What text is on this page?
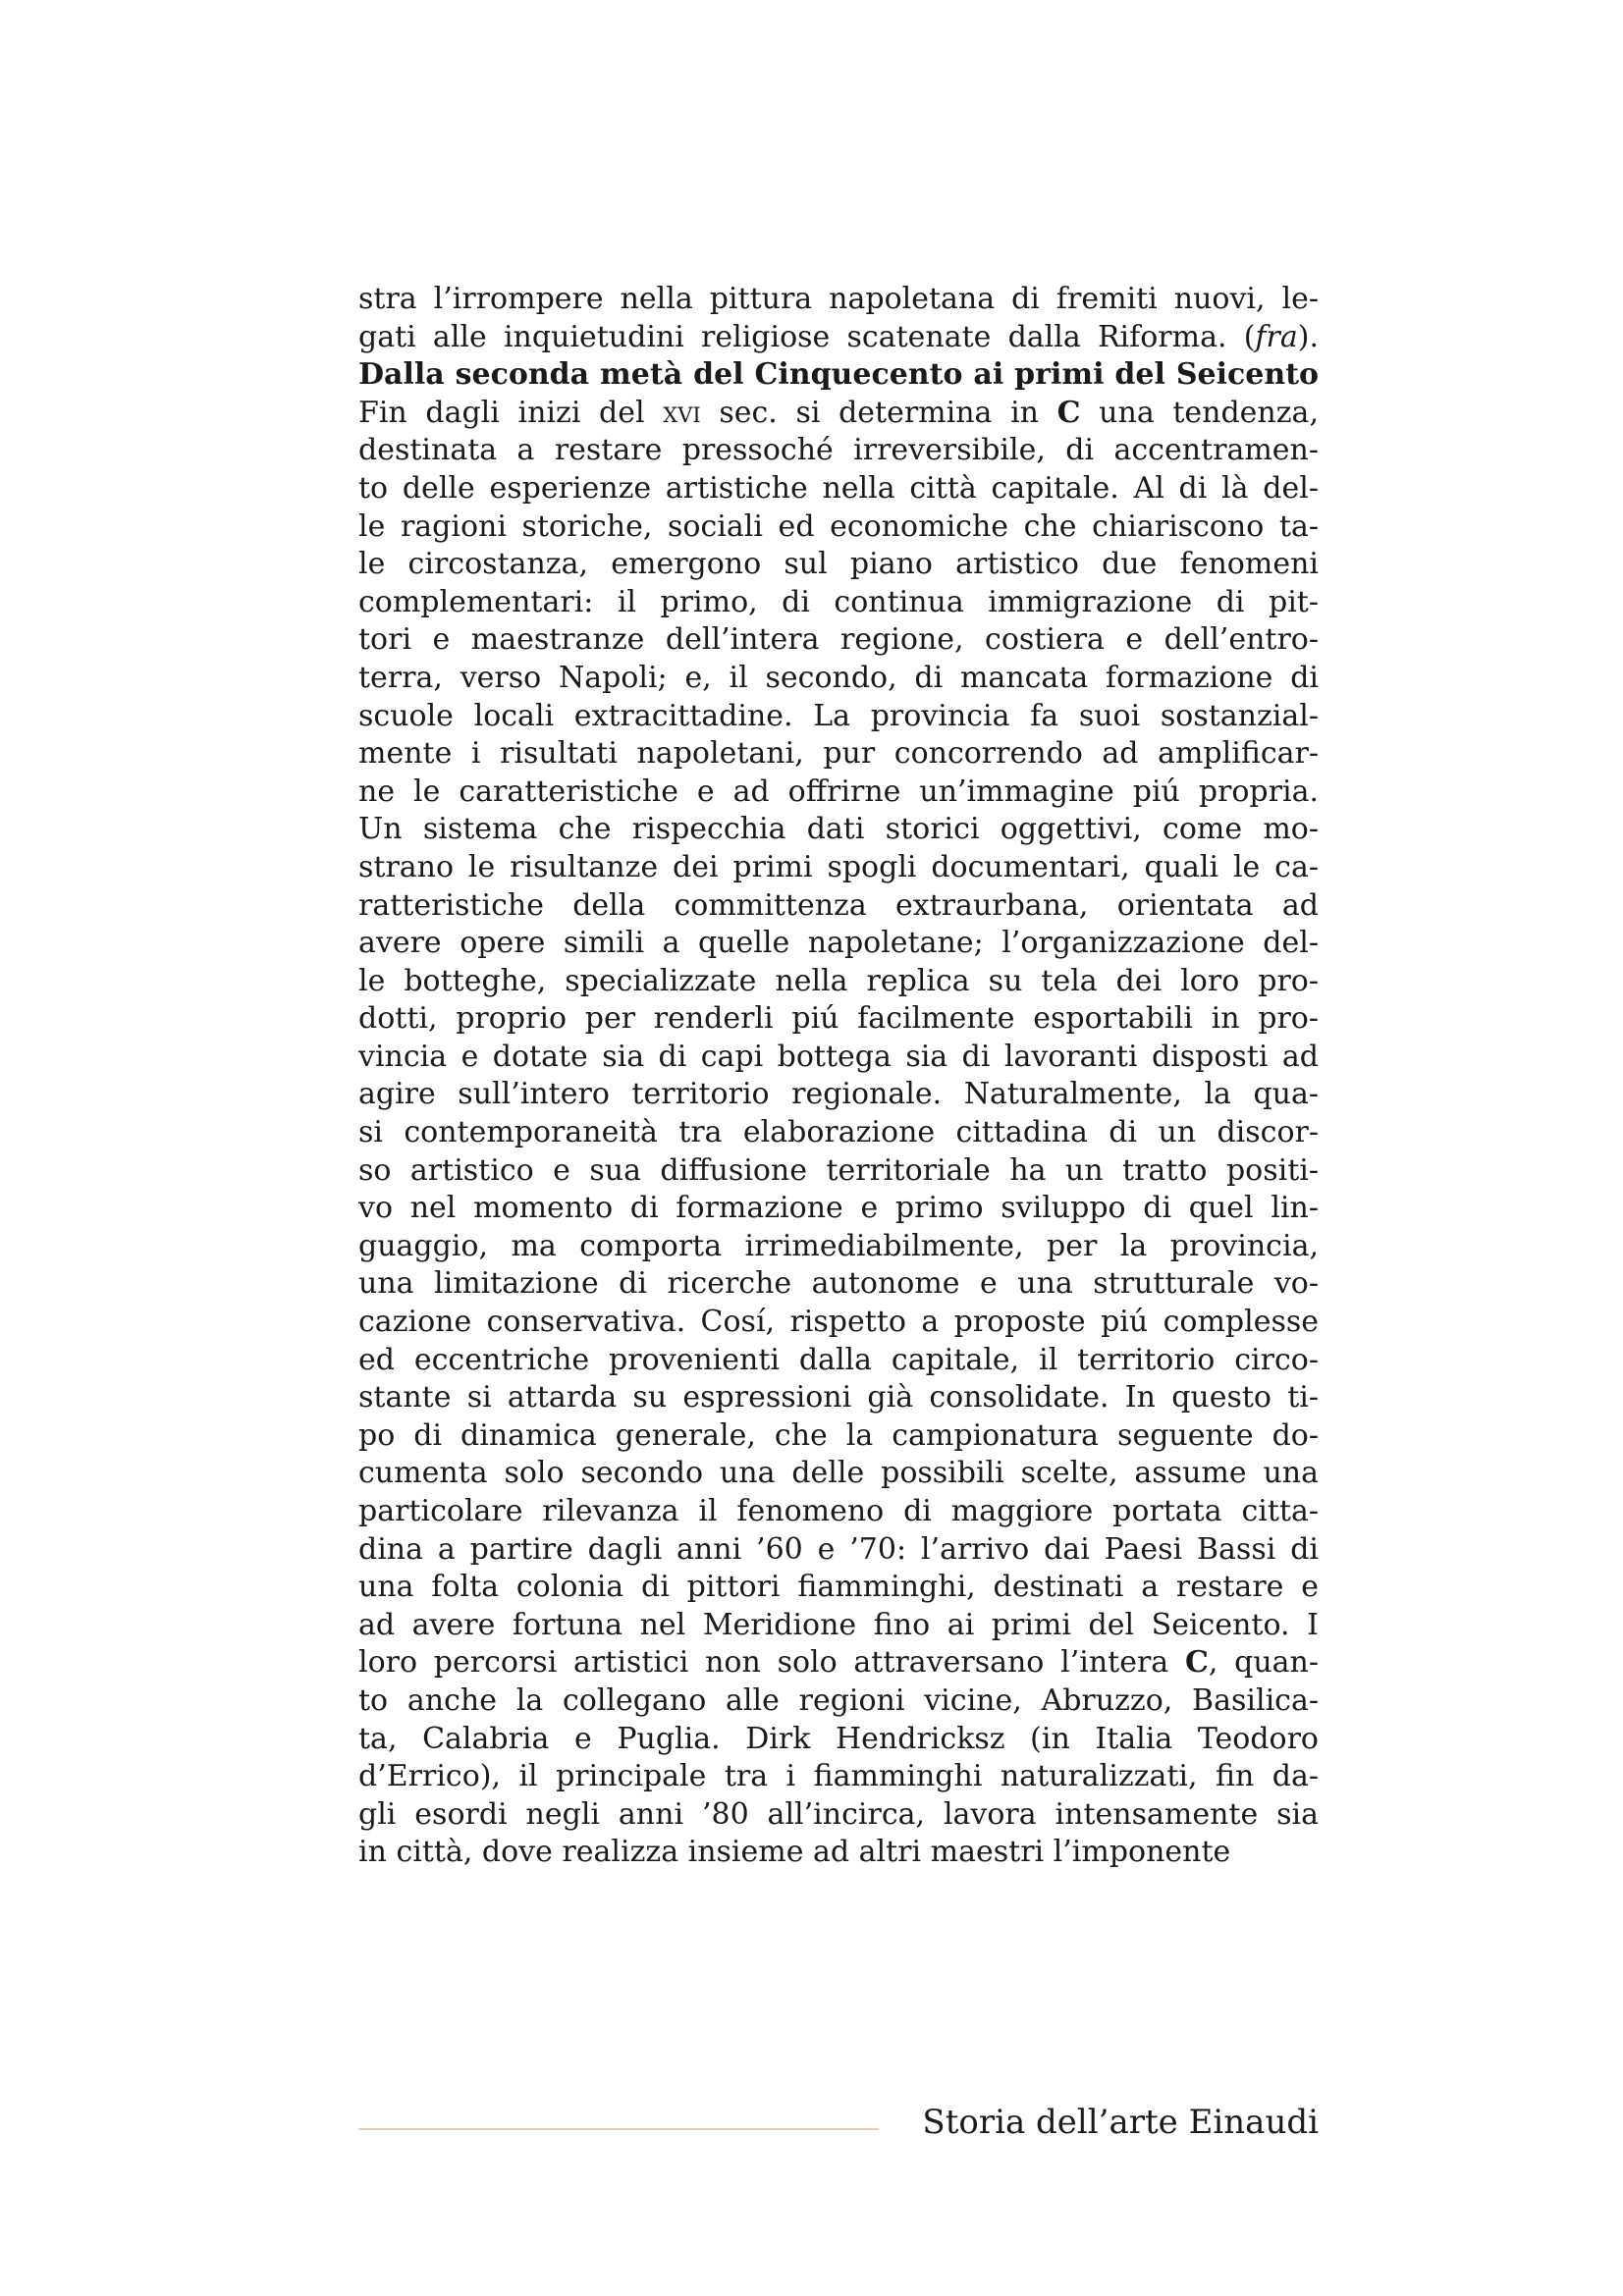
stra l’irrompere nella pittura napoletana di fremiti nuovi, le-
gati alle inquietudini religiose scatenate dalla Riforma. (fra).
Dalla seconda metà del Cinquecento ai primi del Seicento
Fin dagli inizi del xvi sec. si determina in C una tendenza,
destinata a restare pressoché irreversibile, di accentramen-
to delle esperienze artistiche nella città capitale. Al di là del-
le ragioni storiche, sociali ed economiche che chiariscono ta-
le circostanza, emergono sul piano artistico due fenomeni
complementari: il primo, di continua immigrazione di pit-
tori e maestranze dell’intera regione, costiera e dell’entro-
terra, verso Napoli; e, il secondo, di mancata formazione di
scuole locali extracittadine. La provincia fa suoi sostanzial-
mente i risultati napoletani, pur concorrendo ad amplificar-
ne le caratteristiche e ad offrirne un’immagine piú propria.
Un sistema che rispecchia dati storici oggettivi, come mo-
strano le risultanze dei primi spogli documentari, quali le ca-
ratteristiche della committenza extraurbana, orientata ad
avere opere simili a quelle napoletane; l’organizzazione del-
le botteghe, specializzate nella replica su tela dei loro pro-
dotti, proprio per renderli piú facilmente esportabili in pro-
vincia e dotate sia di capi bottega sia di lavoranti disposti ad
agire sull’intero territorio regionale. Naturalmente, la qua-
si contemporaneità tra elaborazione cittadina di un discor-
so artistico e sua diffusione territoriale ha un tratto positi-
vo nel momento di formazione e primo sviluppo di quel lin-
guaggio, ma comporta irrimediabilmente, per la provincia,
una limitazione di ricerche autonome e una strutturale vo-
cazione conservativa. Cosí, rispetto a proposte piú complesse
ed eccentriche provenienti dalla capitale, il territorio circo-
stante si attarda su espressioni già consolidate. In questo ti-
po di dinamica generale, che la campionatura seguente do-
cumenta solo secondo una delle possibili scelte, assume una
particolare rilevanza il fenomeno di maggiore portata citta-
dina a partire dagli anni ’60 e ’70: l’arrivo dai Paesi Bassi di
una folta colonia di pittori fiamminghi, destinati a restare e
ad avere fortuna nel Meridione fino ai primi del Seicento. I
loro percorsi artistici non solo attraversano l’intera C, quan-
to anche la collegano alle regioni vicine, Abruzzo, Basilica-
ta, Calabria e Puglia. Dirk Hendricksz (in Italia Teodoro
d’Errico), il principale tra i fiamminghi naturalizzati, fin da-
gli esordi negli anni ’80 all’incirca, lavora intensamente sia
in città, dove realizza insieme ad altri maestri l’imponente
Storia dell’arte Einaudi
